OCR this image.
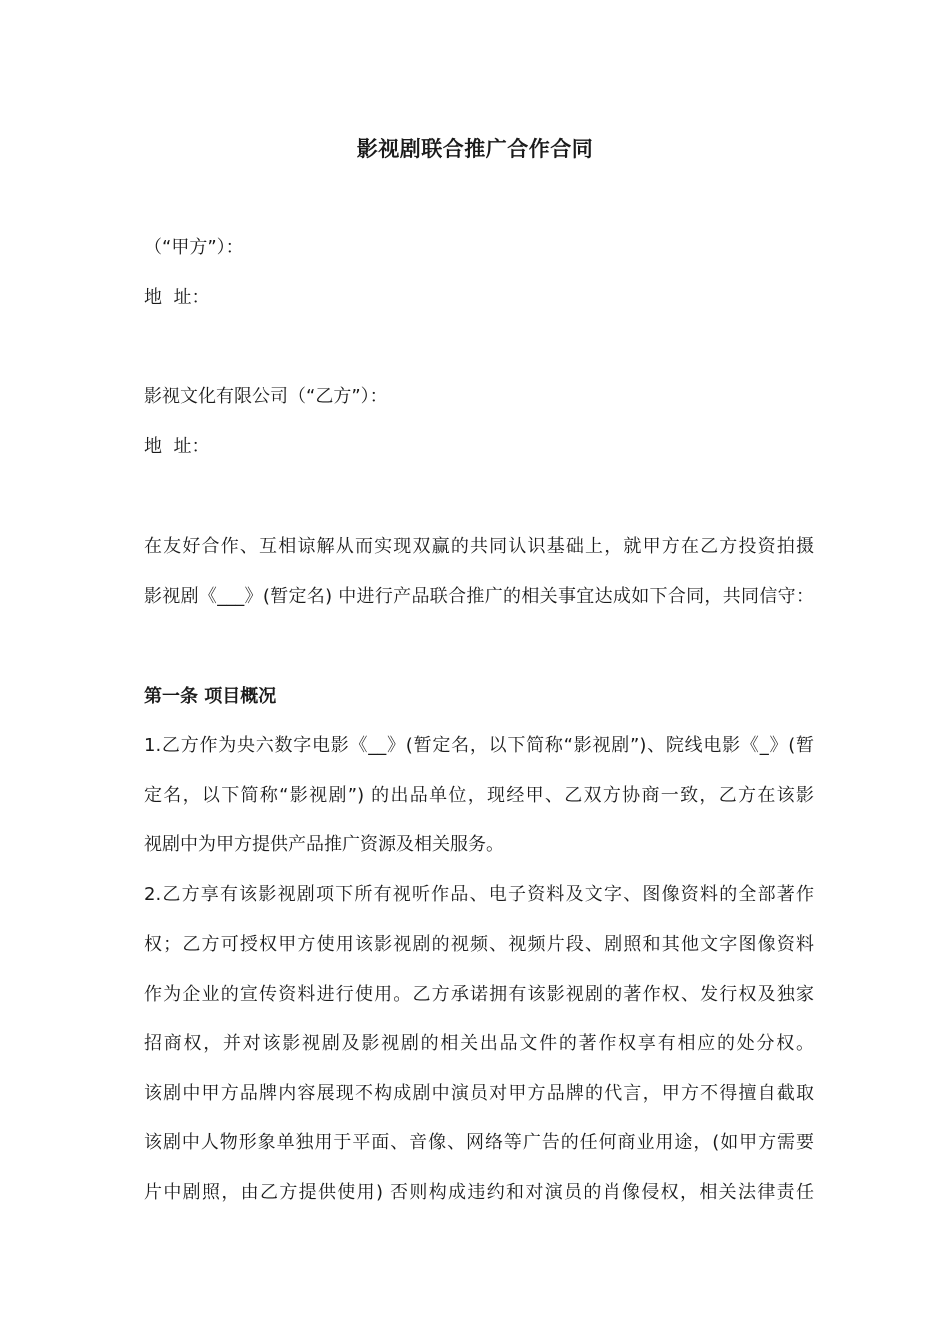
影视剧联合推广合作合同
（“甲方”）：
地  址：
影视文化有限公司（“乙方”）：
地  址：
在友好合作、互相谅解从而实现双赢的共同认识基础上，就甲方在乙方投资拍摄
影视剧《___》(暂定名) 中进行产品联合推广的相关事宜达成如下合同，共同信守：
第一条 项目概况
1.乙方作为央六数字电影《__》(暂定名，以下简称“影视剧”)、院线电影《_》(暂
定名，以下简称“影视剧”) 的出品单位，现经甲、乙双方协商一致，乙方在该影
视剧中为甲方提供产品推广资源及相关服务。
2.乙方享有该影视剧项下所有视听作品、电子资料及文字、图像资料的全部著作
权；乙方可授权甲方使用该影视剧的视频、视频片段、剧照和其他文字图像资料
作为企业的宣传资料进行使用。乙方承诺拥有该影视剧的著作权、发行权及独家
招商权，并对该影视剧及影视剧的相关出品文件的著作权享有相应的处分权。
该剧中甲方品牌内容展现不构成剧中演员对甲方品牌的代言，甲方不得擅自截取
该剧中人物形象单独用于平面、音像、网络等广告的任何商业用途，(如甲方需要
片中剧照，由乙方提供使用) 否则构成违约和对演员的肖像侵权，相关法律责任
